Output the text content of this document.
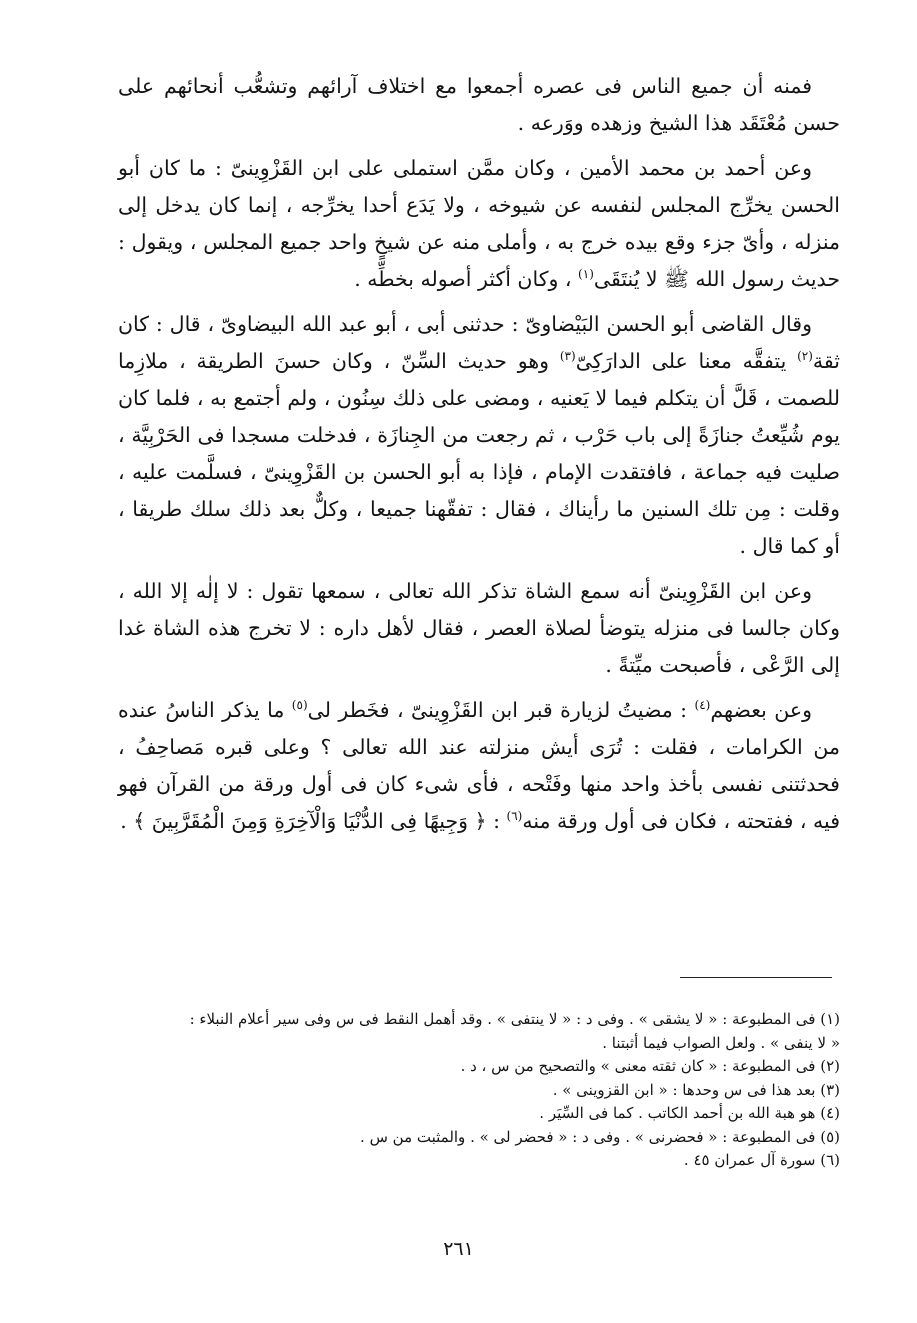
فمنه أن جميع الناس فى عصره أجمعوا مع اختلاف آرائهم وتشعُّب أنحائهم على حسن مُعْتَقَد هذا الشيخ وزهده ووَرعه .

وعن أحمد بن محمد الأمين ، وكان ممَّن استملى على ابن القَزْوِينىّ : ما كان أبو الحسن يخرِّج المجلس لنفسه عن شيوخه ، ولا يَدَع أحدا يخرِّجه ، إنما كان يدخل إلى منزله ، وأىّ جزء وقع بيده خرج به ، وأملى منه عن شيخٍ واحد جميع المجلس ، ويقول : حديث رسول الله ﷺ لا يُنتَقَى$^{(١)}$ ، وكان أكثر أصوله بخطِّه .

وقال القاضى أبو الحسن البَيْضاوىّ : حدثنى أبى ، أبو عبد الله البيضاوىّ ، قال : كان ثقة$^{(٢)}$ يتفقَّه معنا على الدارَكِىّ$^{(٣)}$ وهو حديث السِّنّ ، وكان حسنَ الطريقة ، ملازِما للصمت ، قَلَّ أن يتكلم فيما لا يَعنيه ، ومضى على ذلك سِنُون ، ولم أجتمع به ، فلما كان يوم شُيِّعتُ جنازَةً إلى باب حَرْب ، ثم رجعت من الجِنازَة ، فدخلت مسجدا فى الحَرْبِيَّة ، صليت فيه جماعة ، فافتقدت الإمام ، فإذا به أبو الحسن بن القَزْوِينىّ ، فسلَّمت عليه ، وقلت : مِن تلك السنين ما رأيناك ، فقال : تفقّهنا جميعا ، وكلٌّ بعد ذلك سلك طريقا ، أو كما قال .

وعن ابن القَزْوِينىّ أنه سمع الشاة تذكر الله تعالى ، سمعها تقول : لا إلٰه إلا الله ، وكان جالسا فى منزله يتوضأ لصلاة العصر ، فقال لأهل داره : لا تخرج هذه الشاة غدا إلى الرَّعْى ، فأصبحت ميِّتةً .

وعن بعضهم$^{(٤)}$ : مضيتُ لزيارة قبر ابن القَزْوِينىّ ، فخَطر لى$^{(٥)}$ ما يذكر الناسُ عنده من الكرامات ، فقلت : تُرَى أيش منزلته عند الله تعالى ؟ وعلى قبره مَصاحِفُ ، فحدثتنى نفسى بأخذ واحد منها وفَتْحه ، فأى شىء كان فى أول ورقة من القرآن فهو فيه ، ففتحته ، فكان فى أول ورقة منه$^{(٦)}$ : ﴿ وَجِيهًا فِى الدُّنْيَا وَالْآخِرَةِ وَمِنَ الْمُقَرَّبِينَ ﴾ .

(١) فى المطبوعة : « لا يشقى » . وفى د : « لا ينتفى » . وقد أهمل النقط فى س وفى سير أعلام النبلاء :

« لا ينفى » . ولعل الصواب فيما أثبتنا .

(٢) فى المطبوعة : « كان ثقته معنى » والتصحيح من س ، د .

(٣) بعد هذا فى س وحدها : « ابن القزوينى » .

(٤) هو هبة الله بن أحمد الكاتب . كما فى السِّيَر .

(٥) فى المطبوعة : « فحضرنى » . وفى د : « فحضر لى » . والمثبت من س .

(٦) سورة آل عمران ٤٥ .

٢٦١
